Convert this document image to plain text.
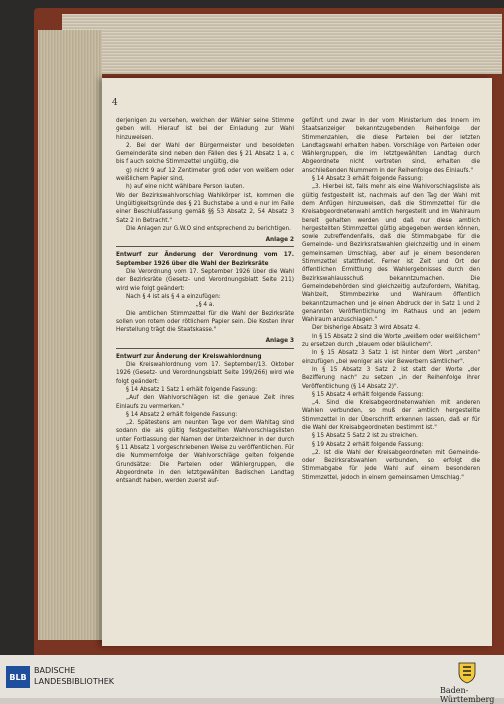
4

derjenigen zu versehen, welchen der Wähler seine Stimme geben will. Hierauf ist bei der Einladung zur Wahl hinzuweisen.

2. Bei der Wahl der Bürgermeister und besoldeten Gemeinderäte sind neben den Fällen des § 21 Absatz 1 a, c bis f auch solche Stimmzettel ungültig, die

g) nicht 9 auf 12 Zentimeter groß oder von weißem oder weißlichem Papier sind,

h) auf eine nicht wählbare Person lauten.

Wo der Bezirkswahlvorschlag Wahlkörper ist, kommen die Ungültigkeitsgründe des § 21 Buchstabe a und e nur im Falle einer Beschlußfassung gemäß §§ 53 Absatz 2, 54 Absatz 3 Satz 2 in Betracht."

Die Anlagen zur G.W.O sind entsprechend zu berichtigen.

Anlage 2

Entwurf zur Änderung der Verordnung vom 17. September 1926 über die Wahl der Bezirksräte

Die Verordnung vom 17. September 1926 über die Wahl der Bezirksräte (Gesetz- und Verordnungsblatt Seite 211) wird wie folgt geändert:

Nach § 4 ist als § 4 a einzufügen:

„§ 4 a.

Die amtlichen Stimmzettel für die Wahl der Bezirksräte sollen von rotem oder rötlichem Papier sein. Die Kosten ihrer Herstellung trägt die Staatskasse."

Anlage 3

Entwurf zur Änderung der Kreiswahlordnung

Die Kreiswahlordnung vom 17. September/13. Oktober 1926 (Gesetz- und Verordnungsblatt Seite 199/266) wird wie folgt geändert:

§ 14 Absatz 1 Satz 1 erhält folgende Fassung:

„Auf den Wahlvorschlägen ist die genaue Zeit ihres Einlaufs zu vermerken."

§ 14 Absatz 2 erhält folgende Fassung:

„2. Spätestens am neunten Tage vor dem Wahltag sind sodann die als gültig festgestellten Wahlvorschlagslisten unter Fortlassung der Namen der Unterzeichner in der durch § 11 Absatz 1 vorgeschriebenen Weise zu veröffentlichen. Für die Nummernfolge der Wahlvorschläge gelten folgende Grundsätze: Die Parteien oder Wählergruppen, die Abgeordnete in den letztgewählten Badischen Landtag entsandt haben, werden zuerst auf-

geführt und zwar in der vom Ministerium des Innern im Staatsanzeiger bekanntzugebenden Reihenfolge der Stimmenzahlen, die diese Parteien bei der letzten Landtagswahl erhalten haben. Vorschläge von Parteien oder Wählergruppen, die im letztgewählten Landtag durch Abgeordnete nicht vertreten sind, erhalten die anschließenden Nummern in der Reihenfolge des Einlaufs."

§ 14 Absatz 3 erhält folgende Fassung:

„3. Hierbei ist, falls mehr als eine Wahlvorschlagsliste als gültig festgestellt ist, nachmals auf den Tag der Wahl mit dem Anfügen hinzuweisen, daß die Stimmzettel für die Kreisabgeordnetenwahl amtlich hergestellt und im Wahlraum bereit gehalten werden und daß nur diese amtlich hergestellten Stimmzettel gültig abgegeben werden können, sowie zutreffendenfalls, daß die Stimmabgabe für die Gemeinde- und Bezirksratswahlen gleichzeitig und in einem gemeinsamen Umschlag, aber auf je einem besonderen Stimmzettel stattfindet. Ferner ist Zeit und Ort der öffentlichen Ermittlung des Wahlergebnisses durch den Bezirkswahlausschuß bekanntzumachen. Die Gemeindebehörden sind gleichzeitig aufzufordern, Wahltag, Wahlzeit, Stimmbezirke und Wahlraum öffentlich bekanntzumachen und je einen Abdruck der in Satz 1 und 2 genannten Veröffentlichung im Rathaus und an jedem Wahlraum anzuschlagen."

Der bisherige Absatz 3 wird Absatz 4.

In § 15 Absatz 2 sind die Worte „weißem oder weißlichem" zu ersetzen durch „blauem oder bläulichem".

In § 15 Absatz 3 Satz 1 ist hinter dem Wort „ersten" einzufügen „bei weniger als vier Bewerbern sämtlicher".

In § 15 Absatz 3 Satz 2 ist statt der Worte „der Bezifferung nach" zu setzen „in der Reihenfolge ihrer Veröffentlichung (§ 14 Absatz 2)".

§ 15 Absatz 4 erhält folgende Fassung:

„4. Sind die Kreisabgeordnetenwahlen mit anderen Wahlen verbunden, so muß der amtlich hergestellte Stimmzettel in der Überschrift erkennen lassen, daß er für die Wahl der Kreisabgeordneten bestimmt ist."

§ 15 Absatz 5 Satz 2 ist zu streichen.

§ 19 Absatz 2 erhält folgende Fassung:

„2. Ist die Wahl der Kreisabgeordneten mit Gemeinde- oder Bezirksratswahlen verbunden, so erfolgt die Stimmabgabe für jede Wahl auf einem besonderen Stimmzettel, jedoch in einem gemeinsamen Umschlag."

BLB
BADISCHE
LANDESBIBLIOTHEK
Baden-Württemberg
